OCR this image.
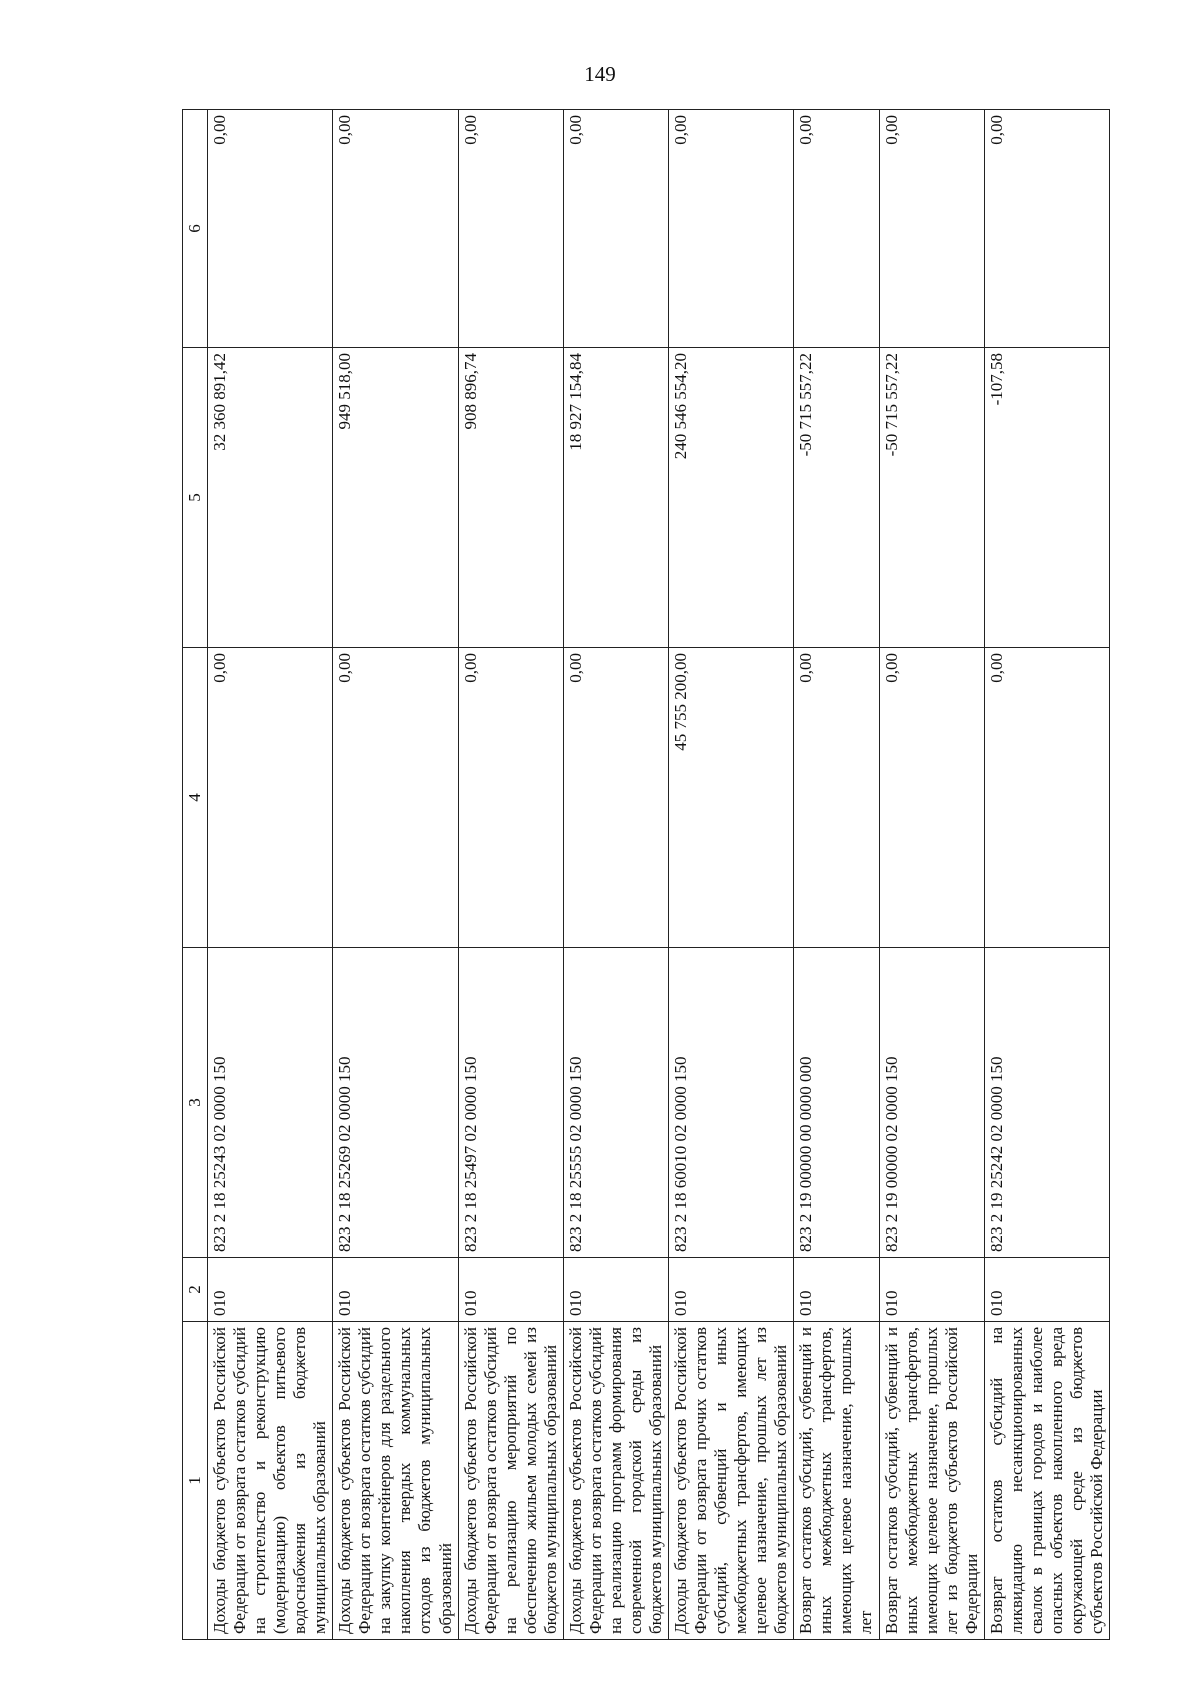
149
1	2	3	4	5	6
Доходы бюджетов субъектов Российской Федерации от возврата остатков субсидий на строительство и реконструкцию (модернизацию) объектов питьевого водоснабжения из бюджетов муниципальных образований	010	823 2 18 25243 02 0000 150	0,00	32 360 891,42	0,00
Доходы бюджетов субъектов Российской Федерации от возврата остатков субсидий на закупку контейнеров для раздельного накопления твердых коммунальных отходов из бюджетов муниципальных образований	010	823 2 18 25269 02 0000 150	0,00	949 518,00	0,00
Доходы бюджетов субъектов Российской Федерации от возврата остатков субсидий на реализацию мероприятий по обеспечению жильем молодых семей из бюджетов муниципальных образований	010	823 2 18 25497 02 0000 150	0,00	908 896,74	0,00
Доходы бюджетов субъектов Российской Федерации от возврата остатков субсидий на реализацию программ формирования современной городской среды из бюджетов муниципальных образований	010	823 2 18 25555 02 0000 150	0,00	18 927 154,84	0,00
Доходы бюджетов субъектов Российской Федерации от возврата прочих остатков субсидий, субвенций и иных межбюджетных трансфертов, имеющих целевое назначение, прошлых лет из бюджетов муниципальных образований	010	823 2 18 60010 02 0000 150	45 755 200,00	240 546 554,20	0,00
Возврат остатков субсидий, субвенций и иных межбюджетных трансфертов, имеющих целевое назначение, прошлых лет	010	823 2 19 00000 00 0000 000	0,00	-50 715 557,22	0,00
Возврат остатков субсидий, субвенций и иных межбюджетных трансфертов, имеющих целевое назначение, прошлых лет из бюджетов субъектов Российской Федерации	010	823 2 19 00000 02 0000 150	0,00	-50 715 557,22	0,00
Возврат остатков субсидий на ликвидацию несанкционированных свалок в границах городов и наиболее опасных объектов накопленного вреда окружающей среде из бюджетов субъектов Российской Федерации	010	823 2 19 25242 02 0000 150	0,00	-107,58	0,00
